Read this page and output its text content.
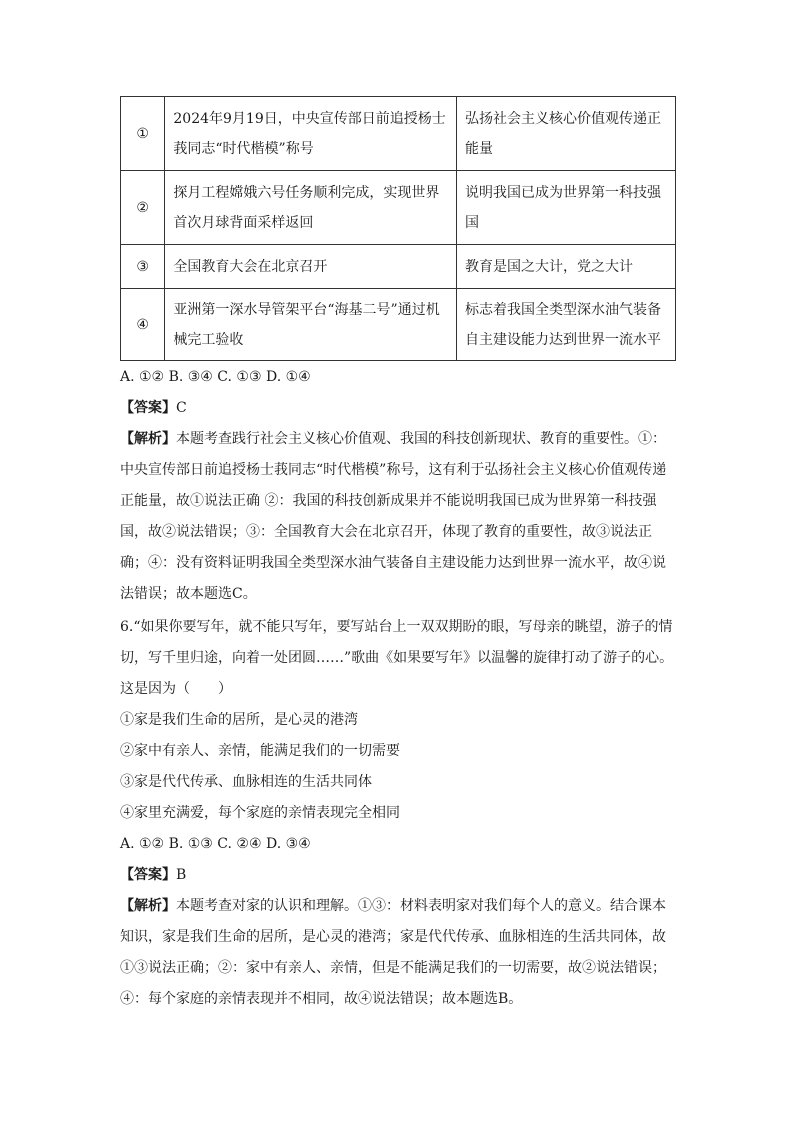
①	2024年9月19日，中央宣传部日前追授杨士莪同志“时代楷模”称号	弘扬社会主义核心价值观传递正能量
②	探月工程嫦娥六号任务顺利完成，实现世界首次月球背面采样返回	说明我国已成为世界第一科技强国
③	全国教育大会在北京召开	教育是国之大计，党之大计
④	亚洲第一深水导管架平台“海基二号”通过机械完工验收	标志着我国全类型深水油气装备自主建设能力达到世界一流水平

A. ①② B. ③④ C. ①③ D. ①④

【答案】C

【解析】本题考查践行社会主义核心价值观、我国的科技创新现状、教育的重要性。①：中央宣传部日前追授杨士莪同志“时代楷模”称号，这有利于弘扬社会主义核心价值观传递正能量，故①说法正确 ②：我国的科技创新成果并不能说明我国已成为世界第一科技强国，故②说法错误；③：全国教育大会在北京召开，体现了教育的重要性，故③说法正确；④：没有资料证明我国全类型深水油气装备自主建设能力达到世界一流水平，故④说法错误；故本题选C。

6.“如果你要写年，就不能只写年，要写站台上一双双期盼的眼，写母亲的眺望，游子的情切，写千里归途，向着一处团圆……”歌曲《如果要写年》以温馨的旋律打动了游子的心。这是因为（　　）

①家是我们生命的居所，是心灵的港湾

②家中有亲人、亲情，能满足我们的一切需要

③家是代代传承、血脉相连的生活共同体

④家里充满爱，每个家庭的亲情表现完全相同

A. ①② B. ①③ C. ②④ D. ③④

【答案】B

【解析】本题考查对家的认识和理解。①③：材料表明家对我们每个人的意义。结合课本知识，家是我们生命的居所，是心灵的港湾；家是代代传承、血脉相连的生活共同体，故①③说法正确；②：家中有亲人、亲情，但是不能满足我们的一切需要，故②说法错误；④：每个家庭的亲情表现并不相同，故④说法错误；故本题选B。
